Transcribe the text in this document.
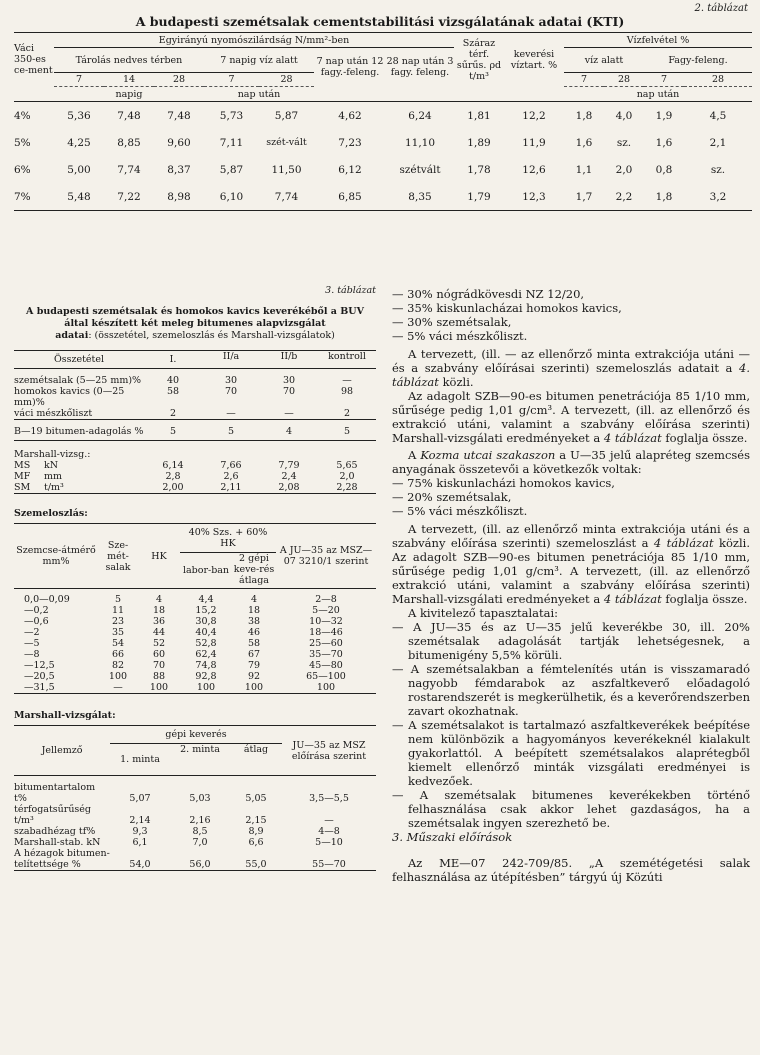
2. táblázat
A budapesti szemétsalak cementstabilitási vizsgálatának adatai (KTI)
Váci 350-es ce-ment	Egyirányú nyomószilárdság N/mm²-ben							Száraz térf. sűrűs. ρd t/m³	keverési víztart. %	Vízfelvétel %			
	Tárolás nedves térben			7 napig víz alatt		7 nap után 12 fagy.-feleng.	28 nap után 3 fagy. feleng.			víz alatt		Fagy-feleng.	
	7	14	28	7	28					7	28	7	28
	napig			nap után						nap után			
4%	5,36	7,48	7,48	5,73	5,87	4,62	6,24	1,81	12,2	1,8	4,0	1,9	4,5
5%	4,25	8,85	9,60	7,11	szét-vált	7,23	11,10	1,89	11,9	1,6	sz.	1,6	2,1
6%	5,00	7,74	8,37	5,87	11,50	6,12	szétvált	1,78	12,6	1,1	2,0	0,8	sz.
7%	5,48	7,22	8,98	6,10	7,74	6,85	8,35	1,79	12,3	1,7	2,2	1,8	3,2
3. táblázat
A budapesti szemétsalak és homokos kavics keverékéből a BUV által készített két meleg bitumenes alapvizsgálat
adatai: (összetétel, szemeloszlás és Marshall-vizsgálatok)
Összetétel	I.	II/a	II/b	kontroll
szemétsalak (5—25 mm)%	40	30	30	—
homokos kavics (0—25 mm)%	58	70	70	98
váci mészkőliszt	2	—	—	2
B—19 bitumen-adagolás %	5	5	4	5
Marshall-vizsg.:				
MS kN	6,14	7,66	7,79	5,65
MF mm	2,8	2,6	2,4	2,0
SM t/m³	2,00	2,11	2,08	2,28
Szemeloszlás:
Szemcse-átmérő mm%	Sze-mét-salak	HK	40% Szs. + 60% HK		A JU—35 az MSZ—07 3210/1 szerint
			labor-ban	2 gépi keve-rés átlaga	
0,0—0,09	5	4	4,4	4	2—8
—0,2	11	18	15,2	18	5—20
—0,6	23	36	30,8	38	10—32
—2	35	44	40,4	46	18—46
—5	54	52	52,8	58	25—60
—8	66	60	62,4	67	35—70
—12,5	82	70	74,8	79	45—80
—20,5	100	88	92,8	92	65—100
—31,5	—	100	100	100	100
Marshall-vizsgálat:
Jellemző	gépi keverés			JU—35 az MSZ előírása szerint
	1. minta	2. minta	átlag	
bitumentartalom t%	5,07	5,03	5,05	3,5—5,5
térfogatsűrűség t/m³	2,14	2,16	2,15	—
szabadhézag tf%	9,3	8,5	8,9	4—8
Marshall-stab. kN	6,1	7,0	6,6	5—10
A hézagok bitumen-telítettsége %	54,0	56,0	55,0	55—70

— 30% nógrádkövesdi NZ 12/20,

— 35% kiskunlacházai homokos kavics,

— 30% szemétsalak,

— 5% váci mészkőliszt.

A tervezett, (ill. — az ellenőrző minta extrakciója utáni — és a szabvány előírásai szerinti) szemeloszlás adatait a 4. táblázat közli.

Az adagolt SZB—90-es bitumen penetrációja 85 1/10 mm, sűrűsége pedig 1,01 g/cm³. A tervezett, (ill. az ellenőrző és extrakció utáni, valamint a szabvány előírása szerinti) Marshall-vizsgálati eredményeket a 4 táblázat foglalja össze.

A Kozma utcai szakaszon a U—35 jelű alapréteg szemcsés anyagának összetevői a következők voltak:

— 75% kiskunlacházi homokos kavics,

— 20% szemétsalak,

— 5% váci mészkőliszt.

A tervezett, (ill. az ellenőrző minta extrakciója utáni és a szabvány előírása szerinti) szemeloszlást a 4 táblázat közli. Az adagolt SZB—90-es bitumen penetrációja 85 1/10 mm, sűrűsége pedig 1,01 g/cm³. A tervezett, (ill. az ellenőrző extrakció utáni, valamint a szabvány előírása szerinti) Marshall-vizsgálati eredményeket a 4 táblázat foglalja össze.

A kivitelező tapasztalatai:

— A JU—35 és az U—35 jelű keverékbe 30, ill. 20% szemétsalak adagolását tartják lehetségesnek, a bitumenigény 5,5% körüli.

— A szemétsalakban a fémtelenítés után is visszamaradó nagyobb fémdarabok az aszfaltkeverő előadagoló rostarendszerét is megkerülhetik, és a keverőrendszerben zavart okozhatnak.

— A szemétsalakot is tartalmazó aszfaltkeverékek beépítése nem különbözik a hagyományos keverékeknél kialakult gyakorlattól. A beépített szemétsalakos alaprétegből kiemelt ellenőrző minták vizsgálati eredményei is kedvezőek.

— A szemétsalak bitumenes keverékekben történő felhasználása csak akkor lehet gazdaságos, ha a szemétsalak ingyen szerezhető be.

3. Műszaki előírások

Az ME—07 242-709/85. „A szemétégetési salak felhasználása az útépítésben” tárgyú új Közúti
